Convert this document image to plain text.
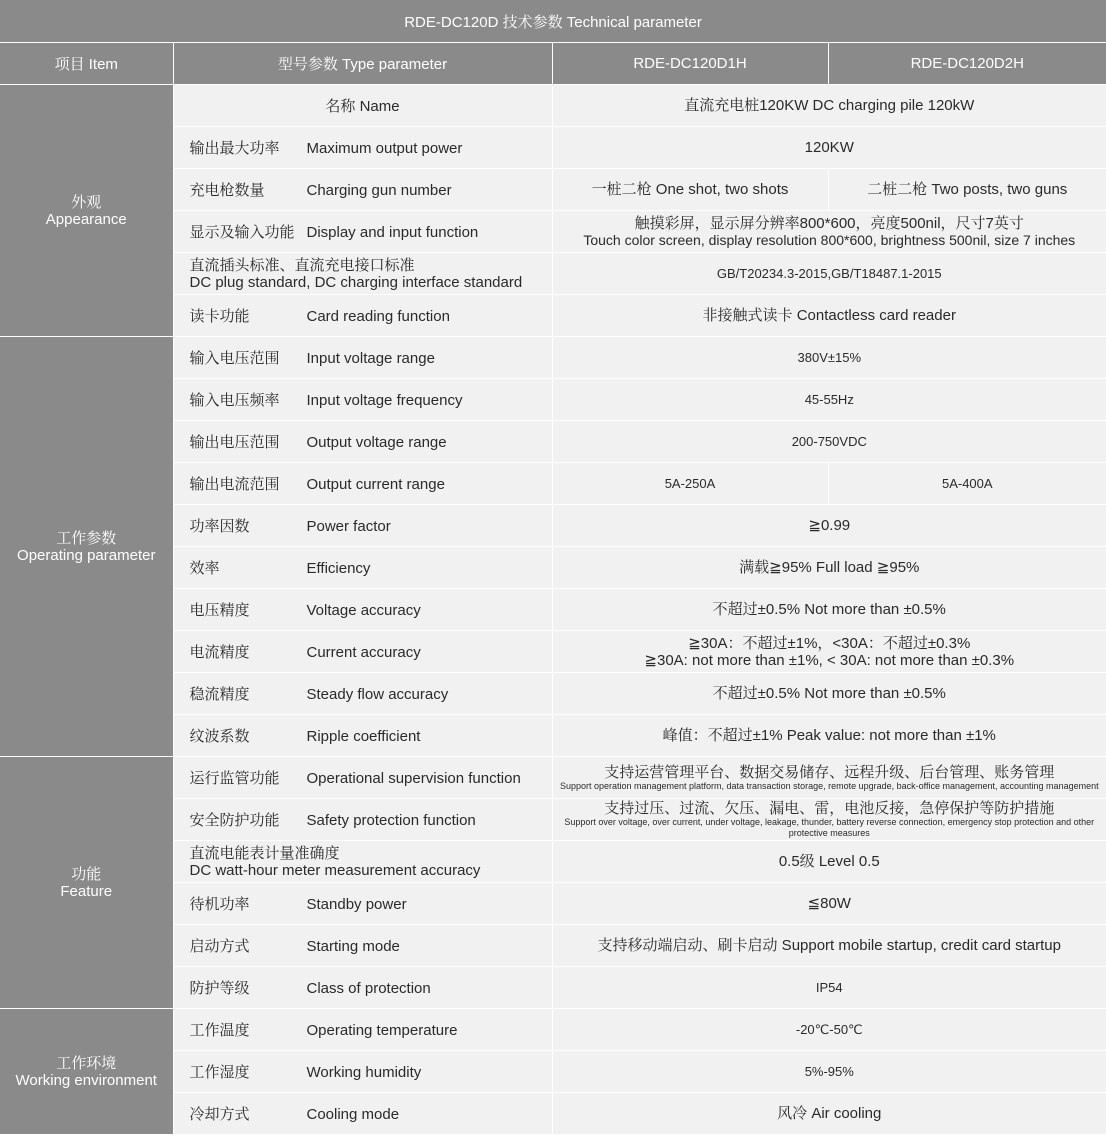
RDE-DC120D 技术参数 Technical parameter			
项目 Item	型号参数 Type parameter	RDE-DC120D1H	RDE-DC120D2H

外观
Appearance	名称 Name	直流充电桩120KW DC charging pile 120kW	
	输出最大功率 Maximum output power	120KW	
	充电枪数量 Charging gun number	一桩二枪 One shot, two shots	二桩二枪 Two posts, two guns
	显示及输入功能 Display and input function	触摸彩屏，显示屏分辨率800*600，亮度500nil，尺寸7英寸
Touch color screen, display resolution 800*600, brightness 500nil, size 7 inches	

	直流插头标准、直流充电接口标准
DC plug standard, DC charging interface standard	GB/T20234.3-2015,GB/T18487.1-2015	
	读卡功能 Card reading function	非接触式读卡 Contactless card reader	

工作参数
Operating parameter	输入电压范围 Input voltage range	380V±15%	
	输入电压频率 Input voltage frequency	45-55Hz	
	输出电压范围 Output voltage range	200-750VDC	
	输出电流范围 Output current range	5A-250A	5A-400A
	功率因数 Power factor	≧0.99	
	效率 Efficiency	满载≧95% Full load ≧95%	
	电压精度 Voltage accuracy	不超过±0.5% Not more than ±0.5%	
	电流精度 Current accuracy	≧30A：不超过±1%，<30A：不超过±0.3%
≧30A: not more than ±1%, < 30A: not more than ±0.3%	

	稳流精度 Steady flow accuracy	不超过±0.5% Not more than ±0.5%	
	纹波系数 Ripple coefficient	峰值：不超过±1% Peak value: not more than ±1%	

功能
Feature	运行监管功能 Operational supervision function	支持运营管理平台、数据交易储存、远程升级、后台管理、账务管理
Support operation management platform, data transaction storage, remote upgrade, back-office management, accounting management	

	安全防护功能 Safety protection function	支持过压、过流、欠压、漏电、雷，电池反接，急停保护等防护措施
Support over voltage, over current, under voltage, leakage, thunder, battery reverse connection, emergency stop protection and other protective measures	

	直流电能表计量准确度
DC watt-hour meter measurement accuracy	0.5级 Level 0.5	
	待机功率 Standby power	≦80W	
	启动方式 Starting mode	支持移动端启动、刷卡启动 Support mobile startup, credit card startup	
	防护等级 Class of protection	IP54	

工作环境
Working environment	工作温度 Operating temperature	-20℃-50℃	
	工作湿度 Working humidity	5%-95%	
	冷却方式 Cooling mode	风冷 Air cooling	
